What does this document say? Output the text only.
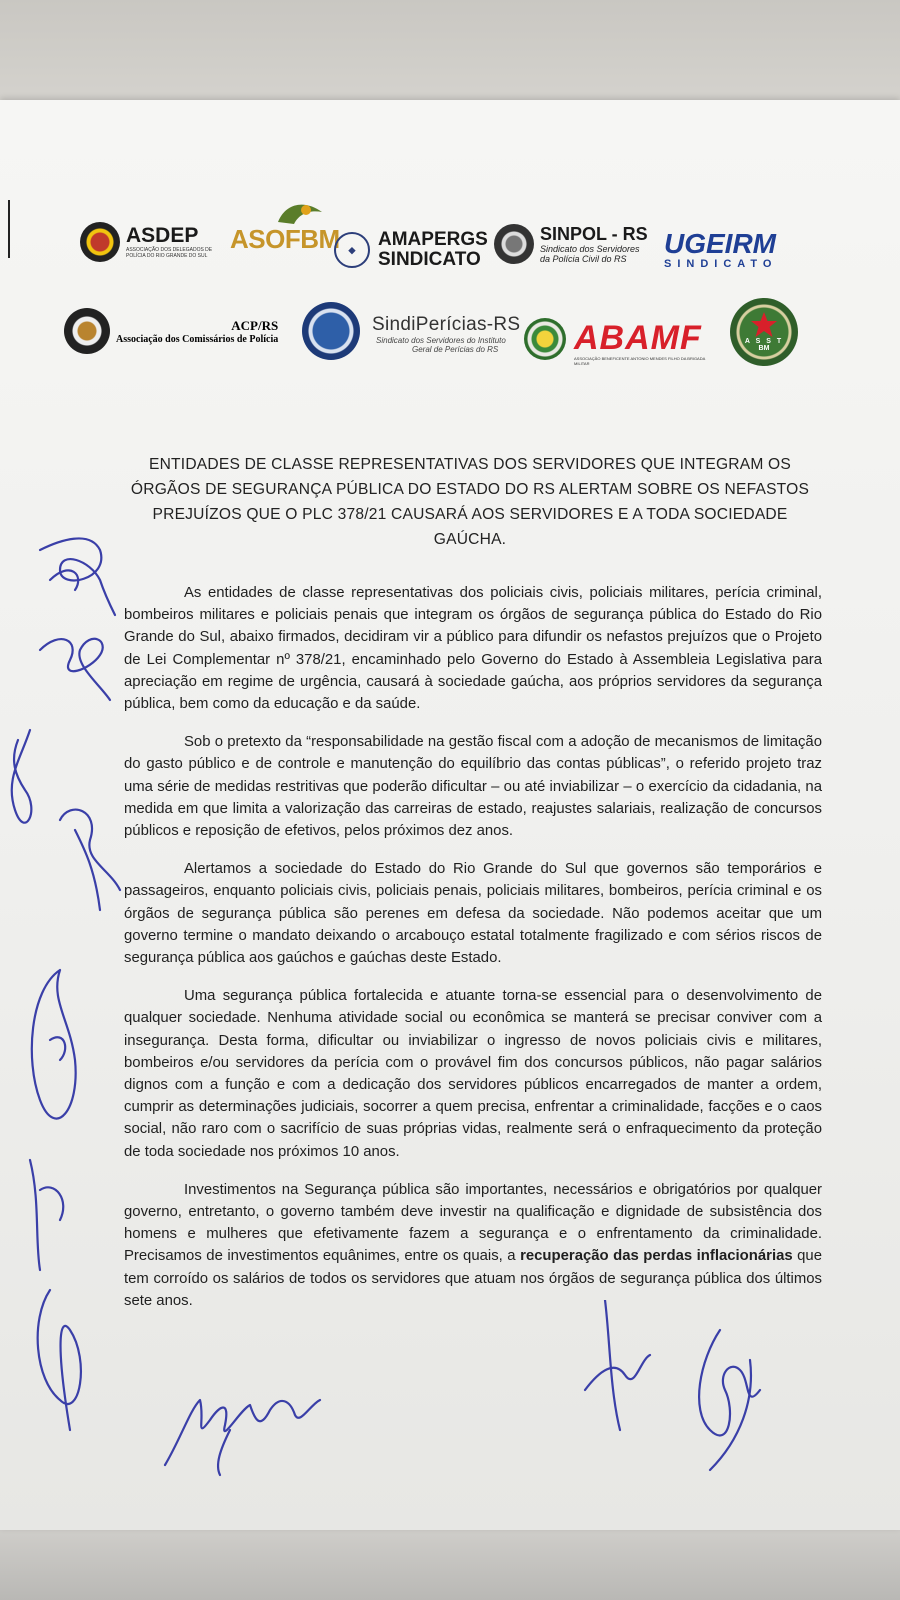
ASDEP
ASSOCIAÇÃO DOS DELEGADOS DE POLÍCIA DO RIO GRANDE DO SUL
ASOFBM ◆	AMAPERGS
SINDICATO
SINPOL - RS
Sindicato dos Servidores
da Polícia Civil do RS	UGEIRM
SINDICATO
ACP/RS
Associação dos Comissários de Polícia
SindiPerícias-RS
Sindicato dos Servidores do Instituto
Geral de Perícias do RS ABAMF
ASSOCIAÇÃO BENEFICENTE ANTONIO MENDES FILHO DA BRIGADA MILITAR
A S S T
BM
ENTIDADES DE CLASSE REPRESENTATIVAS DOS SERVIDORES QUE INTEGRAM OS ÓRGÃOS DE SEGURANÇA PÚBLICA DO ESTADO DO RS ALERTAM SOBRE OS NEFASTOS PREJUÍZOS QUE O PLC 378/21 CAUSARÁ AOS SERVIDORES E A TODA SOCIEDADE GAÚCHA.

As entidades de classe representativas dos policiais civis, policiais militares, perícia criminal, bombeiros militares e policiais penais que integram os órgãos de segurança pública do Estado do Rio Grande do Sul, abaixo firmados, decidiram vir a público para difundir os nefastos prejuízos que o Projeto de Lei Complementar nº 378/21, encaminhado pelo Governo do Estado à Assembleia Legislativa para apreciação em regime de urgência, causará à sociedade gaúcha, aos próprios servidores da segurança pública, bem como da educação e da saúde.

Sob o pretexto da “responsabilidade na gestão fiscal com a adoção de mecanismos de limitação do gasto público e de controle e manutenção do equilíbrio das contas públicas”, o referido projeto traz uma série de medidas restritivas que poderão dificultar – ou até inviabilizar – o exercício da cidadania, na medida em que limita a valorização das carreiras de estado, reajustes salariais, realização de concursos públicos e reposição de efetivos, pelos próximos dez anos.

Alertamos a sociedade do Estado do Rio Grande do Sul que governos são temporários e passageiros, enquanto policiais civis, policiais penais, policiais militares, bombeiros, perícia criminal e os órgãos de segurança pública são perenes em defesa da sociedade. Não podemos aceitar que um governo termine o mandato deixando o arcabouço estatal totalmente fragilizado e com sérios riscos de segurança pública aos gaúchos e gaúchas deste Estado.

Uma segurança pública fortalecida e atuante torna-se essencial para o desenvolvimento de qualquer sociedade. Nenhuma atividade social ou econômica se manterá se precisar conviver com a insegurança. Desta forma, dificultar ou inviabilizar o ingresso de novos policiais civis e militares, bombeiros e/ou servidores da perícia com o provável fim dos concursos públicos, não pagar salários dignos com a função e com a dedicação dos servidores públicos encarregados de manter a ordem, cumprir as determinações judiciais, socorrer a quem precisa, enfrentar a criminalidade, facções e o caos social, não raro com o sacrifício de suas próprias vidas, realmente será o enfraquecimento da proteção de toda sociedade nos próximos 10 anos.

Investimentos na Segurança pública são importantes, necessários e obrigatórios por qualquer governo, entretanto, o governo também deve investir na qualificação e dignidade de subsistência dos homens e mulheres que efetivamente fazem a segurança e o enfrentamento da criminalidade. Precisamos de investimentos equânimes, entre os quais, a recuperação das perdas inflacionárias que tem corroído os salários de todos os servidores que atuam nos órgãos de segurança pública dos últimos sete anos.
